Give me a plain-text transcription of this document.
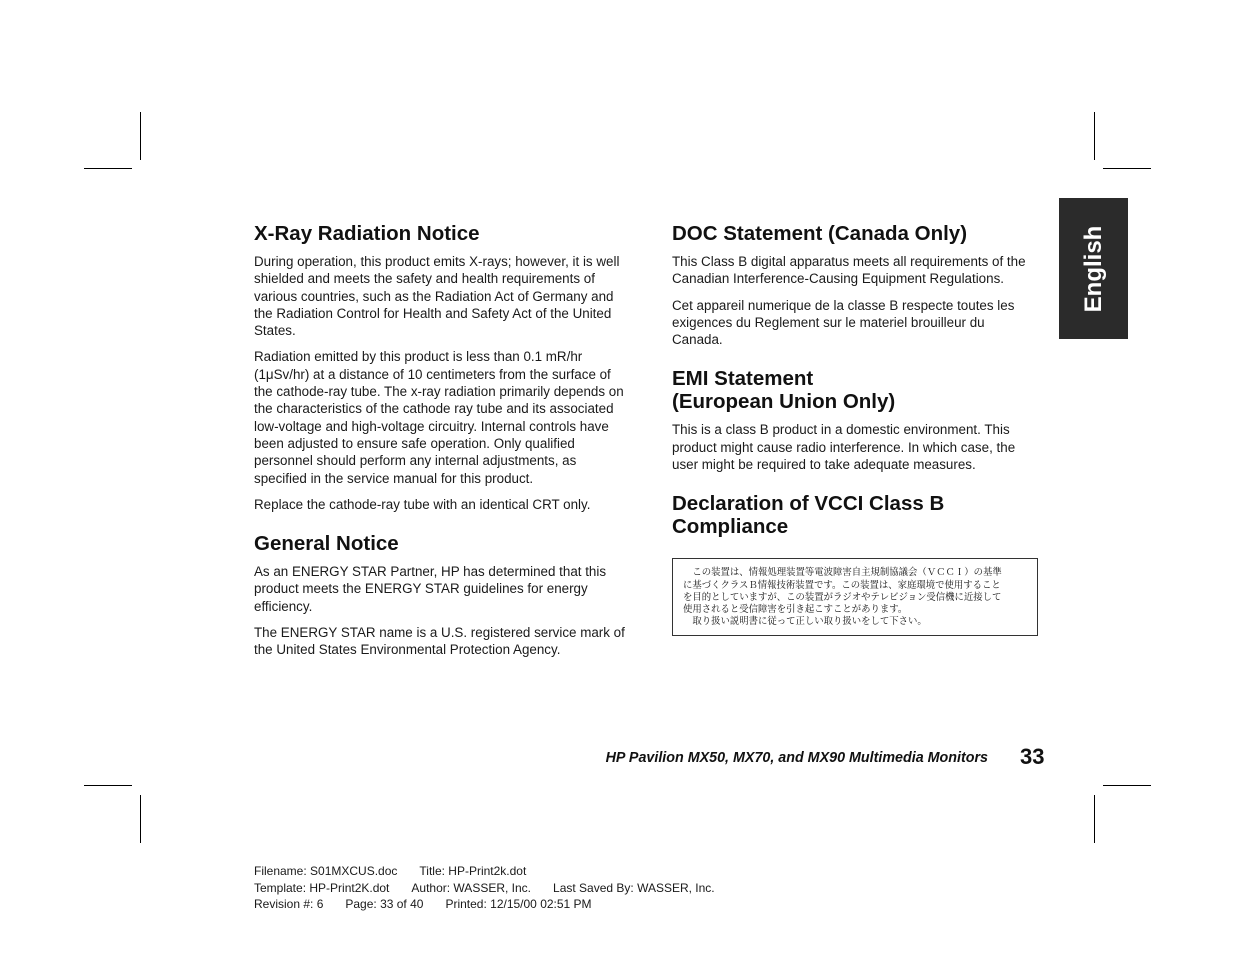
X-Ray Radiation Notice

During operation, this product emits X-rays; however, it is well shielded and meets the safety and health requirements of various countries, such as the Radiation Act of Germany and the Radiation Control for Health and Safety Act of the United States.

Radiation emitted by this product is less than 0.1 mR/hr (1μSv/hr) at a distance of 10 centimeters from the surface of the cathode-ray tube. The x-ray radiation primarily depends on the characteristics of the cathode ray tube and its associated low-voltage and high-voltage circuitry. Internal controls have been adjusted to ensure safe operation. Only qualified personnel should perform any internal adjustments, as specified in the service manual for this product.

Replace the cathode-ray tube with an identical CRT only.

General Notice

As an ENERGY STAR Partner, HP has determined that this product meets the ENERGY STAR guidelines for energy efficiency.

The ENERGY STAR name is a U.S. registered service mark of the United States Environmental Protection Agency.

DOC Statement (Canada Only)

This Class B digital apparatus meets all requirements of the Canadian Interference-Causing Equipment Regulations.

Cet appareil numerique de la classe B respecte toutes les exigences du Reglement sur le materiel brouilleur du Canada.

EMI Statement
(European Union Only)

This is a class B product in a domestic environment. This product might cause radio interference. In which case, the user might be required to take adequate measures.

Declaration of VCCI Class B
Compliance
　この装置は、情報処理装置等電波障害自主規制協議会（ＶＣＣＩ）の基準
に基づくクラスＢ情報技術装置です。この装置は、家庭環境で使用すること
を目的としていますが、この装置がラジオやテレビジョン受信機に近接して
使用されると受信障害を引き起こすことがあります。
　取り扱い説明書に従って正しい取り扱いをして下さい。
English
HP Pavilion MX50, MX70, and MX90 Multimedia Monitors 33
Filename: S01MXCUS.doc Title: HP-Print2k.dot
Template: HP-Print2K.dot Author: WASSER, Inc. Last Saved By: WASSER, Inc.
Revision #: 6 Page: 33 of 40 Printed: 12/15/00 02:51 PM
